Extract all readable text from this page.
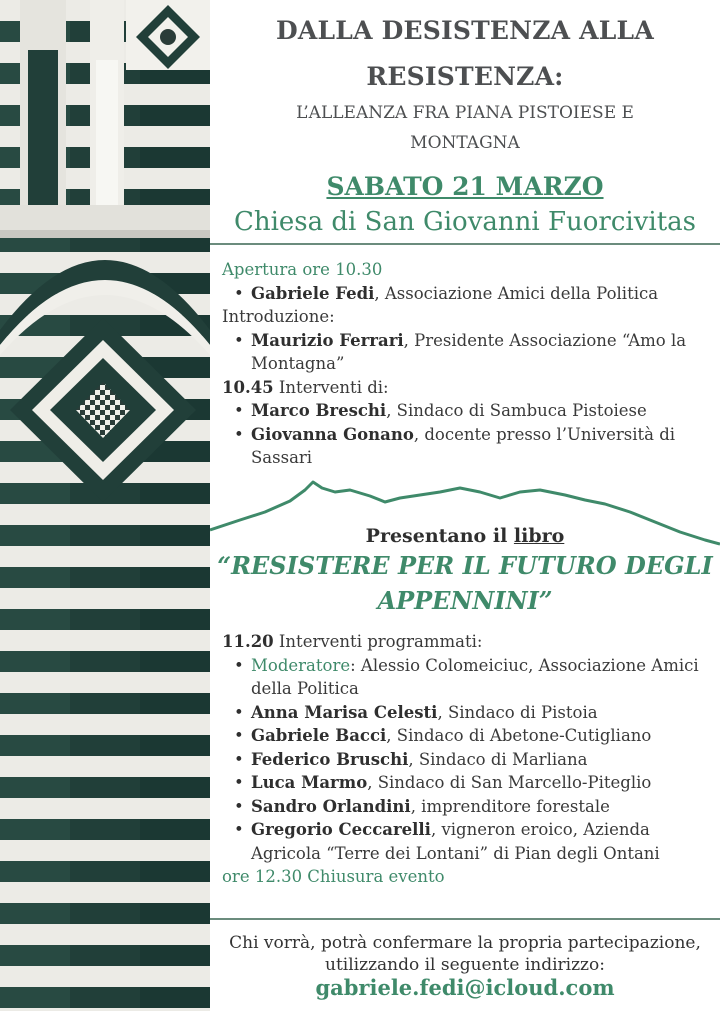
DALLA DESISTENZA ALLA
RESISTENZA:
L’ALLEANZA FRA PIANA PISTOIESE E
MONTAGNA
SABATO 21 MARZO
Chiesa di San Giovanni Fuorcivitas

Apertura ore 10.30

• Gabriele Fedi, Associazione Amici della Politica

Introduzione:

• Maurizio Ferrari, Presidente Associazione “Amo la Montagna”

10.45 Interventi di:

• Marco Breschi, Sindaco di Sambuca Pistoiese
• Giovanna Gonano, docente presso l’Università di Sassari
Presentano il libro
“RESISTERE PER IL FUTURO DEGLI
APPENNINI”

11.20 Interventi programmati:

• Moderatore: Alessio Colomeiciuc, Associazione Amici della Politica
• Anna Marisa Celesti, Sindaco di Pistoia
• Gabriele Bacci, Sindaco di Abetone-Cutigliano
• Federico Bruschi, Sindaco di Marliana
• Luca Marmo, Sindaco di San Marcello-Piteglio
• Sandro Orlandini, imprenditore forestale
• Gregorio Ceccarelli, vigneron eroico, Azienda Agricola “Terre dei Lontani” di Pian degli Ontani

ore 12.30 Chiusura evento

Chi vorrà, potrà confermare la propria partecipazione,
utilizzando il seguente indirizzo:
gabriele.fedi@icloud.com
